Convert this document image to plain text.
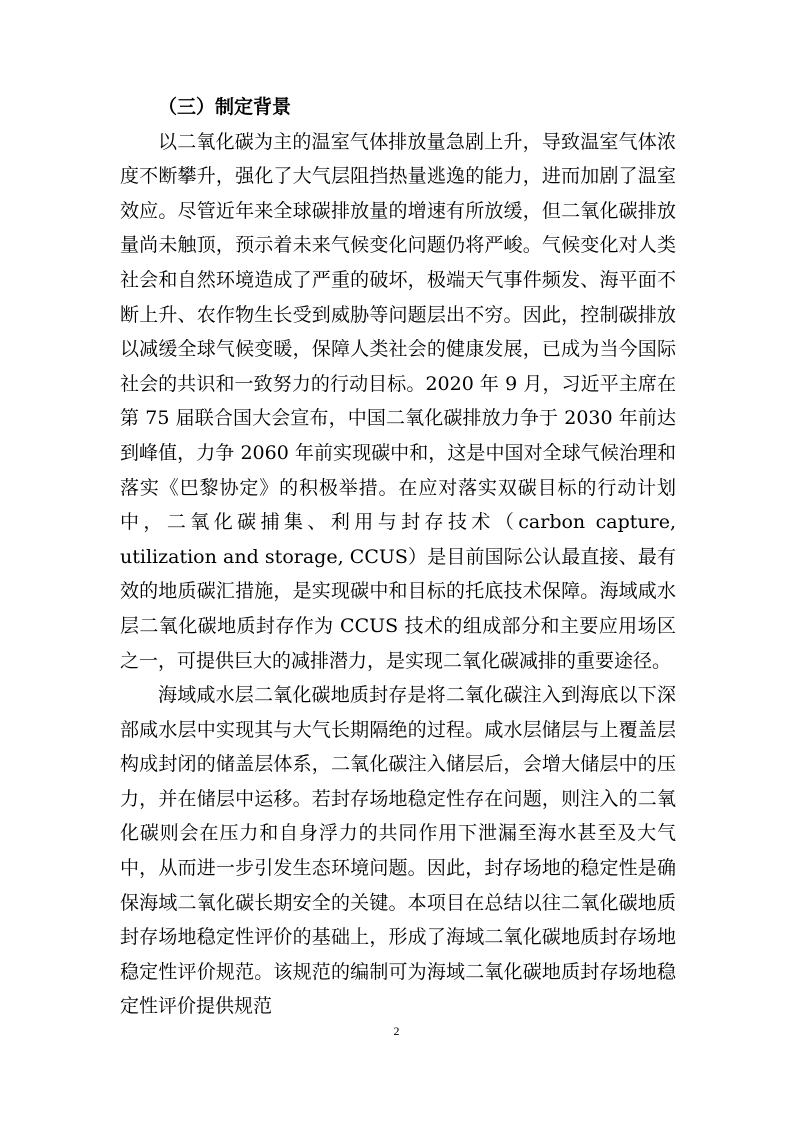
（三）制定背景

以二氧化碳为主的温室气体排放量急剧上升，导致温室气体浓度不断攀升，强化了大气层阻挡热量逃逸的能力，进而加剧了温室效应。尽管近年来全球碳排放量的增速有所放缓，但二氧化碳排放量尚未触顶，预示着未来气候变化问题仍将严峻。气候变化对人类社会和自然环境造成了严重的破坏，极端天气事件频发、海平面不断上升、农作物生长受到威胁等问题层出不穷。因此，控制碳排放以减缓全球气候变暖，保障人类社会的健康发展，已成为当今国际社会的共识和一致努力的行动目标。2020 年 9 月，习近平主席在第 75 届联合国大会宣布，中国二氧化碳排放力争于 2030 年前达到峰值，力争 2060 年前实现碳中和，这是中国对全球气候治理和落实《巴黎协定》的积极举措。在应对落实双碳目标的行动计划中，二氧化碳捕集、利用与封存技术（carbon capture, utilization and storage, CCUS）是目前国际公认最直接、最有效的地质碳汇措施，是实现碳中和目标的托底技术保障。海域咸水层二氧化碳地质封存作为 CCUS 技术的组成部分和主要应用场区之一，可提供巨大的减排潜力，是实现二氧化碳减排的重要途径。

海域咸水层二氧化碳地质封存是将二氧化碳注入到海底以下深部咸水层中实现其与大气长期隔绝的过程。咸水层储层与上覆盖层构成封闭的储盖层体系，二氧化碳注入储层后，会增大储层中的压力，并在储层中运移。若封存场地稳定性存在问题，则注入的二氧化碳则会在压力和自身浮力的共同作用下泄漏至海水甚至及大气中，从而进一步引发生态环境问题。因此，封存场地的稳定性是确保海域二氧化碳长期安全的关键。本项目在总结以往二氧化碳地质封存场地稳定性评价的基础上，形成了海域二氧化碳地质封存场地稳定性评价规范。该规范的编制可为海域二氧化碳地质封存场地稳定性评价提供规范

2
